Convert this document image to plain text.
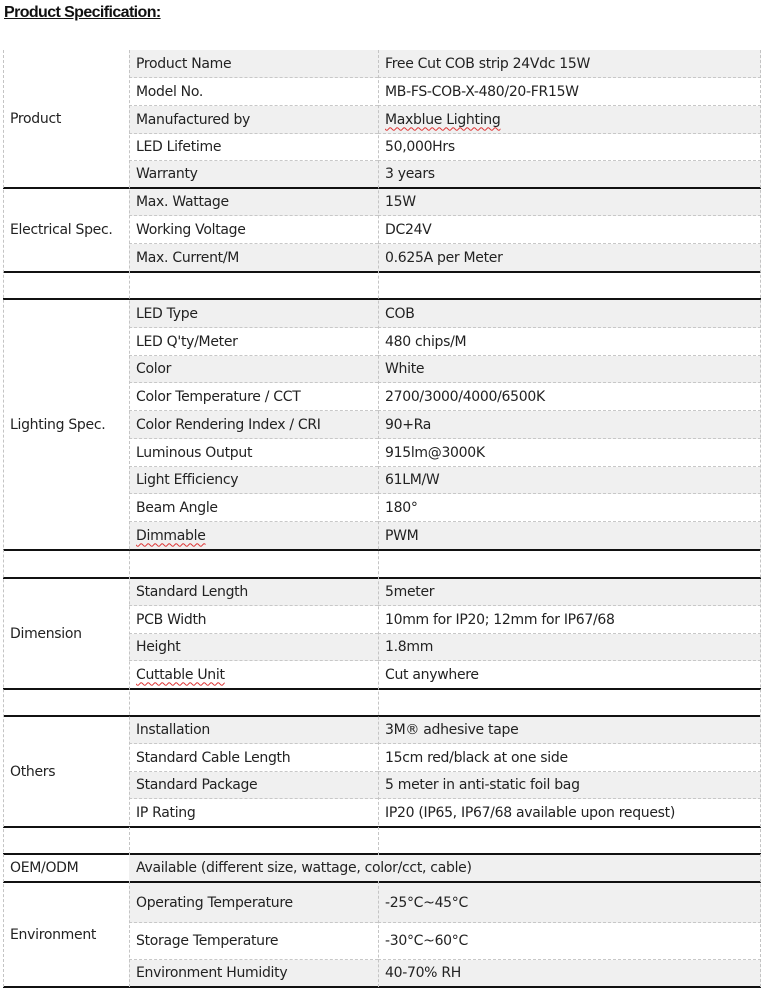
Product Specification:
Product
Product Name	Free Cut COB strip 24Vdc 15W
Model No.	MB-FS-COB-X-480/20-FR15W
Manufactured by	Maxblue Lighting
LED Lifetime	50,000Hrs
Warranty	3 years
Electrical Spec.
Max. Wattage	15W
Working Voltage	DC24V
Max. Current/M	0.625A per Meter
Lighting Spec.
LED Type	COB
LED Q'ty/Meter	480 chips/M
Color	White
Color Temperature / CCT	2700/3000/4000/6500K
Color Rendering Index / CRI	90+Ra
Luminous Output	915lm@3000K
Light Efficiency	61LM/W
Beam Angle	180°
Dimmable	PWM
Dimension
Standard Length	5meter
PCB Width	10mm for IP20; 12mm for IP67/68
Height	1.8mm
Cuttable Unit	Cut anywhere
Others
Installation	3M® adhesive tape
Standard Cable Length	15cm red/black at one side
Standard Package	5 meter in anti-static foil bag
IP Rating	IP20 (IP65, IP67/68 available upon request)
OEM/ODM	Available (different size, wattage, color/cct, cable)
Environment
Operating Temperature	-25°C~45°C
Storage Temperature	-30°C~60°C
Environment Humidity	40-70% RH
